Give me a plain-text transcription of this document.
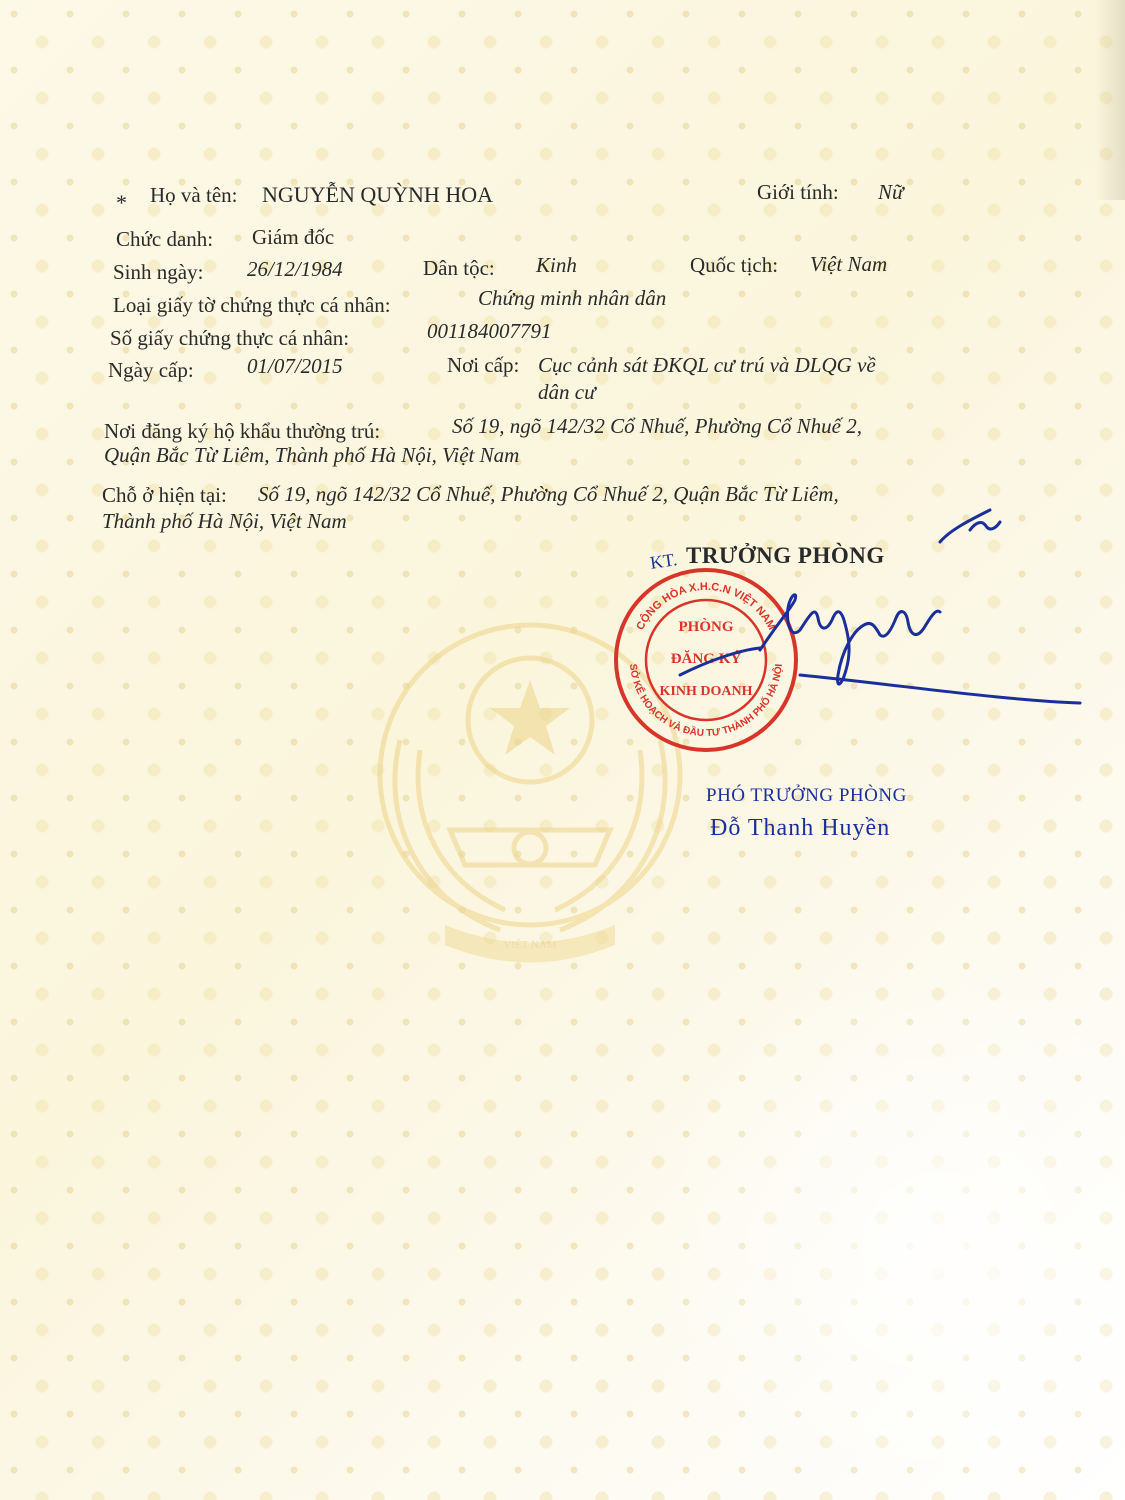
VIỆT NAM
* Họ và tên: NGUYỄN QUỲNH HOA	Giới tính: Nữ
Chức danh: Giám đốc
Sinh ngày: 26/12/1984	Dân tộc: Kinh	Quốc tịch: Việt Nam
Loại giấy tờ chứng thực cá nhân:	Chứng minh nhân dân
Số giấy chứng thực cá nhân:	001184007791
Ngày cấp:	01/07/2015	Nơi cấp: Cục cảnh sát ĐKQL cư trú và DLQG về
dân cư
Nơi đăng ký hộ khẩu thường trú:	Số 19, ngõ 142/32 Cổ Nhuế, Phường Cổ Nhuế 2,
Quận Bắc Từ Liêm, Thành phố Hà Nội, Việt Nam
Chỗ ở hiện tại: Số 19, ngõ 142/32 Cổ Nhuế, Phường Cổ Nhuế 2, Quận Bắc Từ Liêm,
Thành phố Hà Nội, Việt Nam
KT. TRƯỞNG PHÒNG
CỘNG HÒA X.H.C.N VIỆT NAM
SỞ KẾ HOẠCH VÀ ĐẦU TƯ THÀNH PHỐ HÀ NỘI
PHÒNG
ĐĂNG KÝ
KINH DOANH
PHÓ TRƯỞNG PHÒNG
Đỗ Thanh Huyền
